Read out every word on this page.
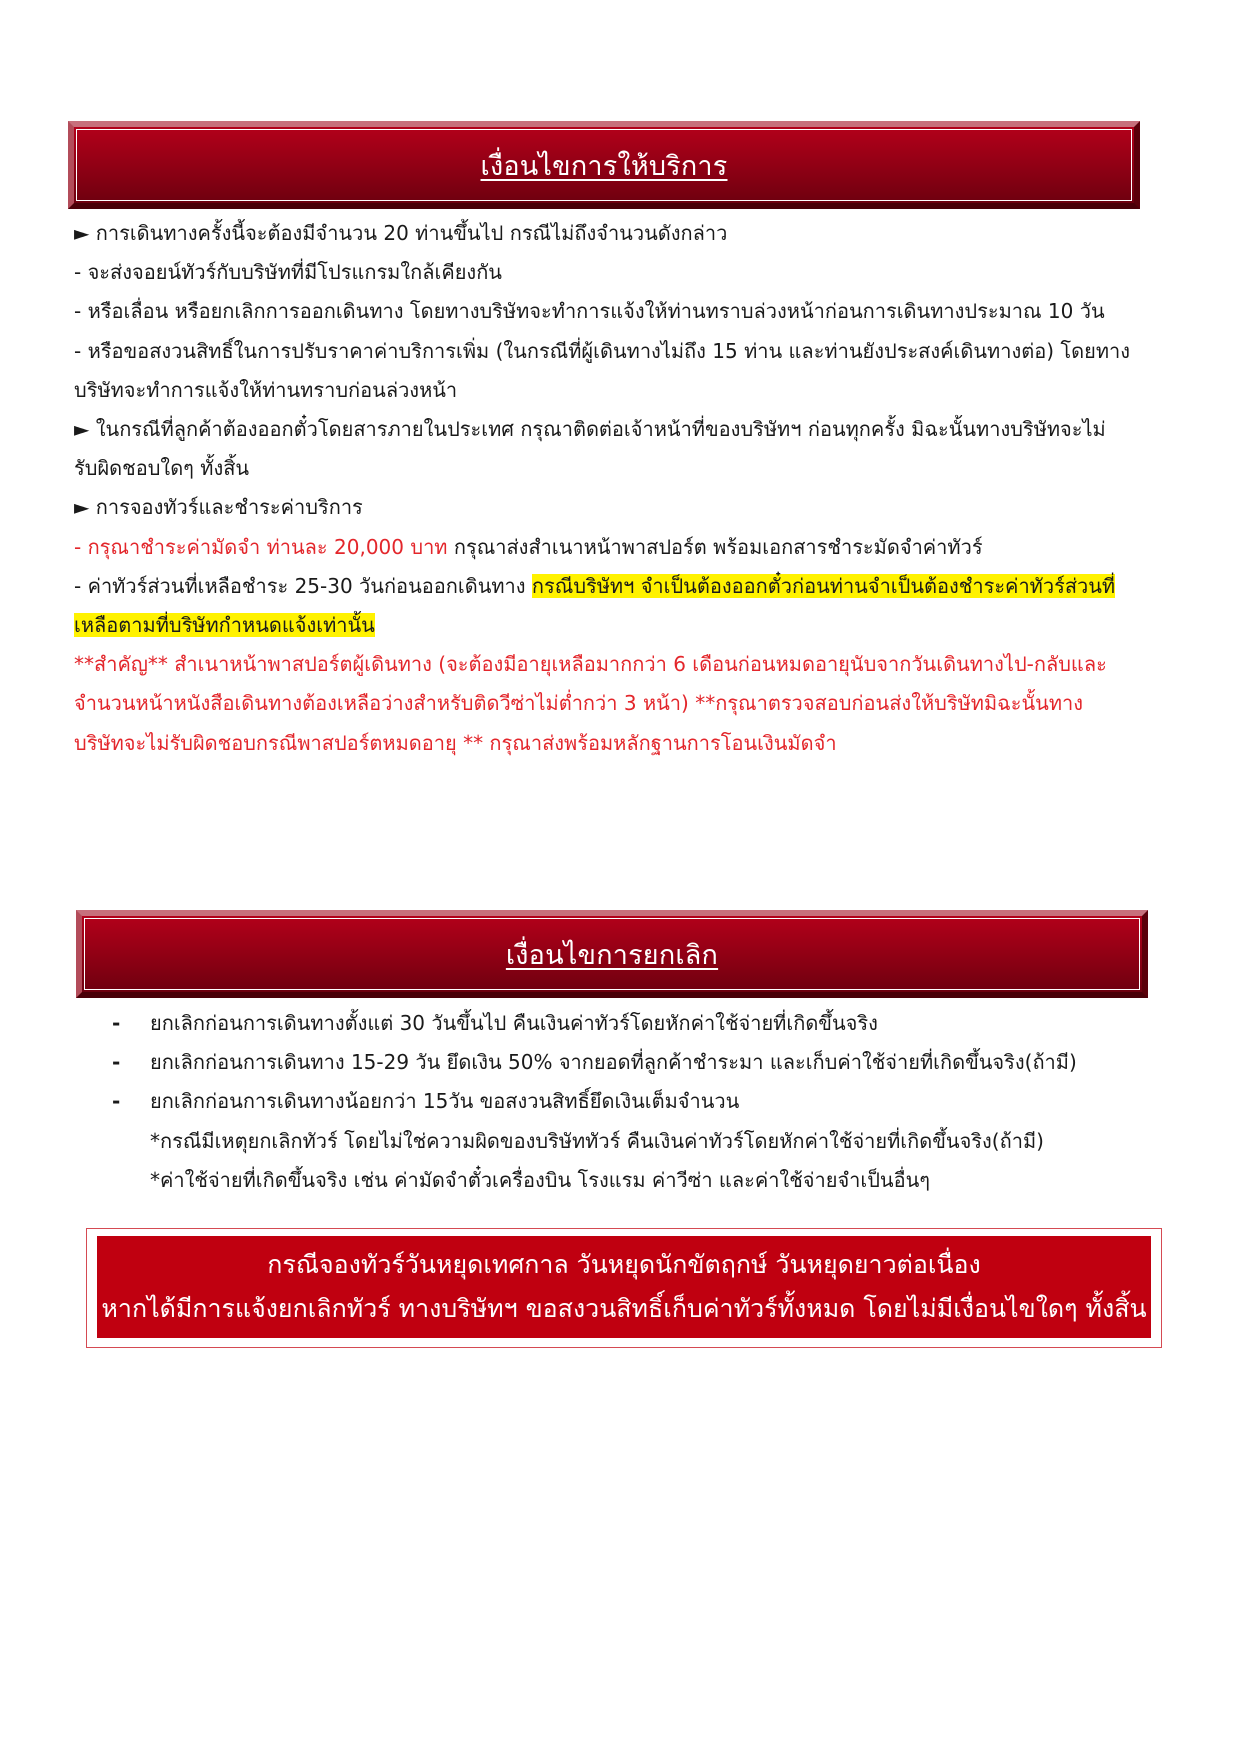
เงื่อนไขการให้บริการ
► การเดินทางครั้งนี้จะต้องมีจำนวน 20 ท่านขึ้นไป กรณีไม่ถึงจำนวนดังกล่าว
- จะส่งจอยน์ทัวร์กับบริษัทที่มีโปรแกรมใกล้เคียงกัน
- หรือเลื่อน หรือยกเลิกการออกเดินทาง โดยทางบริษัทจะทำการแจ้งให้ท่านทราบล่วงหน้าก่อนการเดินทางประมาณ 10 วัน
- หรือขอสงวนสิทธิ์ในการปรับราคาค่าบริการเพิ่ม (ในกรณีที่ผู้เดินทางไม่ถึง 15 ท่าน และท่านยังประสงค์เดินทางต่อ) โดยทาง
บริษัทจะทำการแจ้งให้ท่านทราบก่อนล่วงหน้า
► ในกรณีที่ลูกค้าต้องออกตั๋วโดยสารภายในประเทศ กรุณาติดต่อเจ้าหน้าที่ของบริษัทฯ ก่อนทุกครั้ง มิฉะนั้นทางบริษัทจะไม่
รับผิดชอบใดๆ ทั้งสิ้น
► การจองทัวร์และชำระค่าบริการ
- กรุณาชำระค่ามัดจำ ท่านละ 20,000 บาท กรุณาส่งสำเนาหน้าพาสปอร์ต พร้อมเอกสารชำระมัดจำค่าทัวร์
- ค่าทัวร์ส่วนที่เหลือชำระ 25-30 วันก่อนออกเดินทาง กรณีบริษัทฯ จำเป็นต้องออกตั๋วก่อนท่านจำเป็นต้องชำระค่าทัวร์ส่วนที่
เหลือตามที่บริษัทกำหนดแจ้งเท่านั้น
**สำคัญ** สำเนาหน้าพาสปอร์ตผู้เดินทาง (จะต้องมีอายุเหลือมากกว่า 6 เดือนก่อนหมดอายุนับจากวันเดินทางไป-กลับและ
จำนวนหน้าหนังสือเดินทางต้องเหลือว่างสำหรับติดวีซ่าไม่ต่ำกว่า 3 หน้า) **กรุณาตรวจสอบก่อนส่งให้บริษัทมิฉะนั้นทาง
บริษัทจะไม่รับผิดชอบกรณีพาสปอร์ตหมดอายุ ** กรุณาส่งพร้อมหลักฐานการโอนเงินมัดจำ
เงื่อนไขการยกเลิก
- ยกเลิกก่อนการเดินทางตั้งแต่ 30 วันขึ้นไป คืนเงินค่าทัวร์โดยหักค่าใช้จ่ายที่เกิดขึ้นจริง
- ยกเลิกก่อนการเดินทาง 15-29 วัน ยึดเงิน 50% จากยอดที่ลูกค้าชำระมา และเก็บค่าใช้จ่ายที่เกิดขึ้นจริง(ถ้ามี)
- ยกเลิกก่อนการเดินทางน้อยกว่า 15วัน ขอสงวนสิทธิ์ยึดเงินเต็มจำนวน
*กรณีมีเหตุยกเลิกทัวร์ โดยไม่ใช่ความผิดของบริษัททัวร์ คืนเงินค่าทัวร์โดยหักค่าใช้จ่ายที่เกิดขึ้นจริง(ถ้ามี)
*ค่าใช้จ่ายที่เกิดขึ้นจริง เช่น ค่ามัดจำตั๋วเครื่องบิน โรงแรม ค่าวีซ่า และค่าใช้จ่ายจำเป็นอื่นๆ
กรณีจองทัวร์วันหยุดเทศกาล วันหยุดนักขัตฤกษ์ วันหยุดยาวต่อเนื่อง
หากได้มีการแจ้งยกเลิกทัวร์ ทางบริษัทฯ ขอสงวนสิทธิ์เก็บค่าทัวร์ทั้งหมด โดยไม่มีเงื่อนไขใดๆ ทั้งสิ้น
